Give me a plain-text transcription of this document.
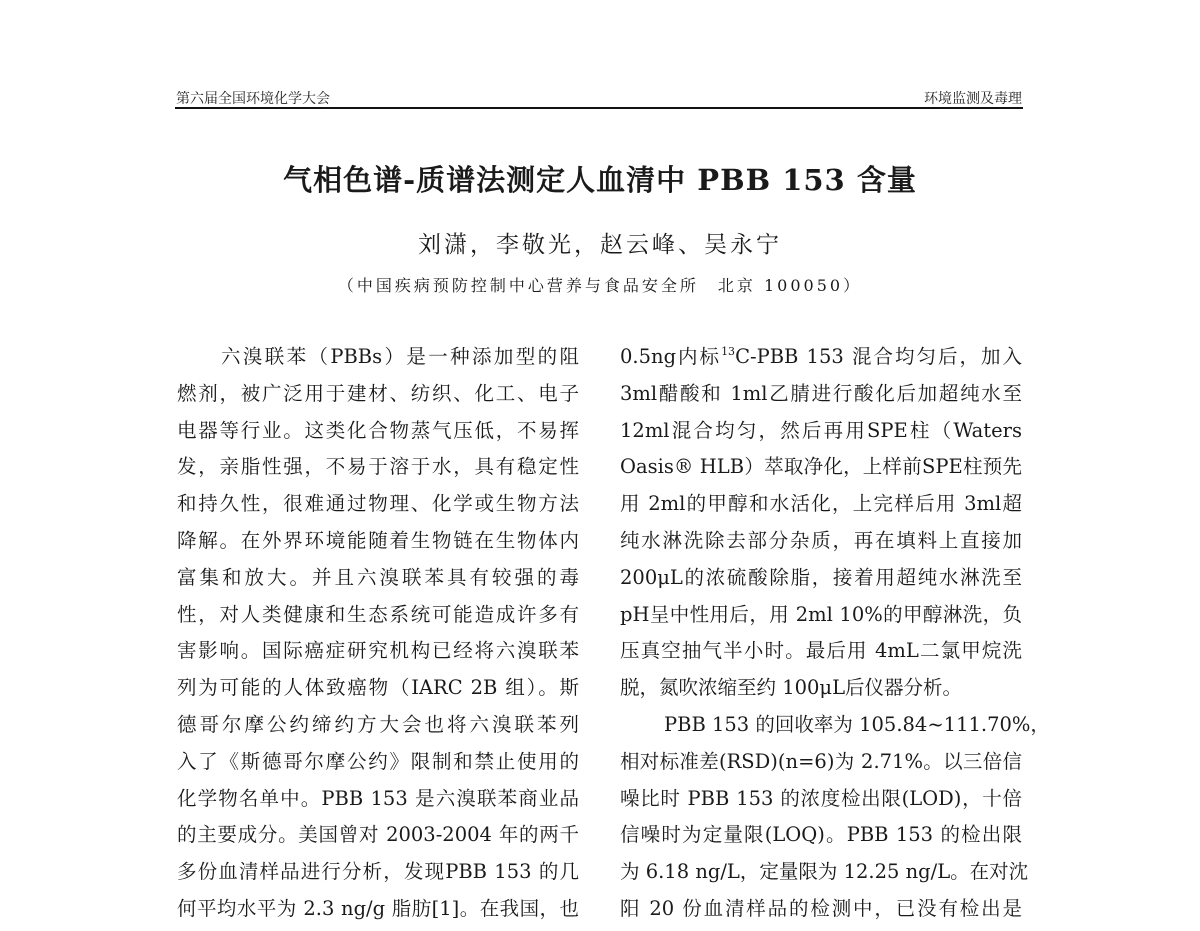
第六届全国环境化学大会	环境监测及毒理
气相色谱-质谱法测定人血清中 PBB 153 含量
刘潇，李敬光，赵云峰、吴永宁
（中国疾病预防控制中心营养与食品安全所　北京 100050）
六溴联苯（PBBs）是一种添加型的阻
燃剂，被广泛用于建材、纺织、化工、电子
电器等行业。这类化合物蒸气压低，不易挥
发，亲脂性强，不易于溶于水，具有稳定性
和持久性，很难通过物理、化学或生物方法
降解。在外界环境能随着生物链在生物体内
富集和放大。并且六溴联苯具有较强的毒
性，对人类健康和生态系统可能造成许多有
害影响。国际癌症研究机构已经将六溴联苯
列为可能的人体致癌物（IARC 2B 组）。斯
德哥尔摩公约缔约方大会也将六溴联苯列
入了《斯德哥尔摩公约》限制和禁止使用的
化学物名单中。PBB 153 是六溴联苯商业品
的主要成分。美国曾对 2003-2004 年的两千
多份血清样品进行分析，发现PBB 153 的几
何平均水平为 2.3 ng/g 脂肪[1]。在我国，也
0.5ng内标$^{13}$C-PBB 153 混合均匀后，加入
3ml醋酸和 1ml乙腈进行酸化后加超纯水至
12ml混合均匀，然后再用SPE柱（Waters
Oasis® HLB）萃取净化，上样前SPE柱预先
用 2ml的甲醇和水活化，上完样后用 3ml超
纯水淋洗除去部分杂质，再在填料上直接加
200μL的浓硫酸除脂，接着用超纯水淋洗至
pH呈中性用后，用 2ml 10%的甲醇淋洗，负
压真空抽气半小时。最后用 4mL二氯甲烷洗
脱，氮吹浓缩至约 100μL后仪器分析。
PBB 153 的回收率为 105.84~111.70%，
相对标准差(RSD)(n=6)为 2.71%。以三倍信
噪比时 PBB 153 的浓度检出限(LOD)，十倍
信噪时为定量限(LOQ)。PBB 153 的检出限
为 6.18 ng/L，定量限为 12.25 ng/L。在对沈
阳 20 份血清样品的检测中，已没有检出是
